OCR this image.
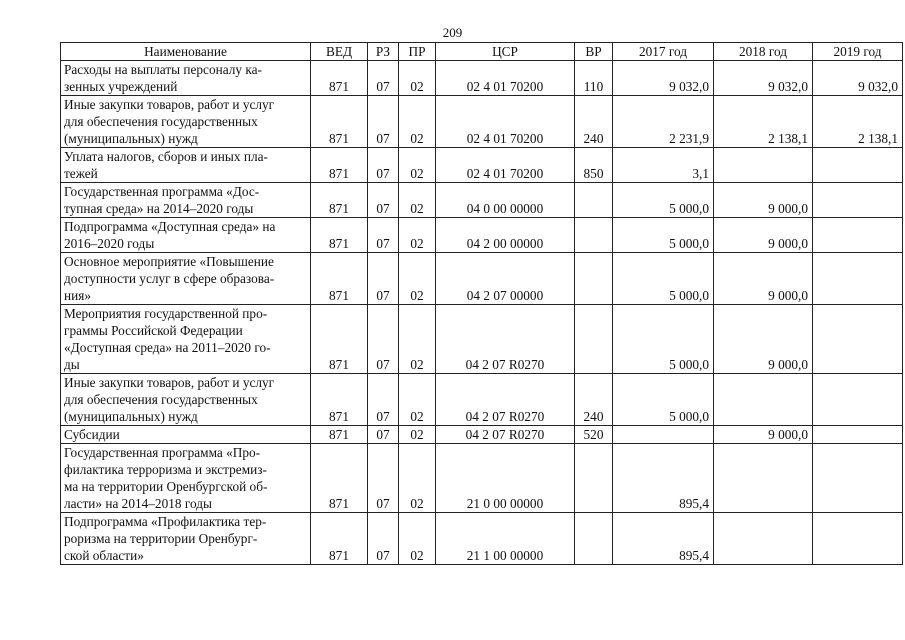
209
Наименование	ВЕД	РЗ	ПР	ЦСР	ВР	2017 год	2018 год	2019 год
Расходы на выплаты персоналу ка-
зенных учреждений	871	07	02	02 4 01 70200	110	9 032,0	9 032,0	9 032,0
Иные закупки товаров, работ и услуг
для обеспечения государственных
(муниципальных) нужд	871	07	02	02 4 01 70200	240	2 231,9	2 138,1	2 138,1
Уплата налогов, сборов и иных пла-
тежей	871	07	02	02 4 01 70200	850	3,1		
Государственная программа «Дос-
тупная среда» на 2014–2020 годы	871	07	02	04 0 00 00000		5 000,0	9 000,0	
Подпрограмма «Доступная среда» на
2016–2020 годы	871	07	02	04 2 00 00000		5 000,0	9 000,0	
Основное мероприятие «Повышение
доступности услуг в сфере образова-
ния»	871	07	02	04 2 07 00000		5 000,0	9 000,0	
Мероприятия государственной про-
граммы Российской Федерации
«Доступная среда» на 2011–2020 го-
ды	871	07	02	04 2 07 R0270		5 000,0	9 000,0	
Иные закупки товаров, работ и услуг
для обеспечения государственных
(муниципальных) нужд	871	07	02	04 2 07 R0270	240	5 000,0		
Субсидии	871	07	02	04 2 07 R0270	520		9 000,0	
Государственная программа «Про-
филактика терроризма и экстремиз-
ма на территории Оренбургской об-
ласти» на 2014–2018 годы	871	07	02	21 0 00 00000		895,4		
Подпрограмма «Профилактика тер-
роризма на территории Оренбург-
ской области»	871	07	02	21 1 00 00000		895,4		
